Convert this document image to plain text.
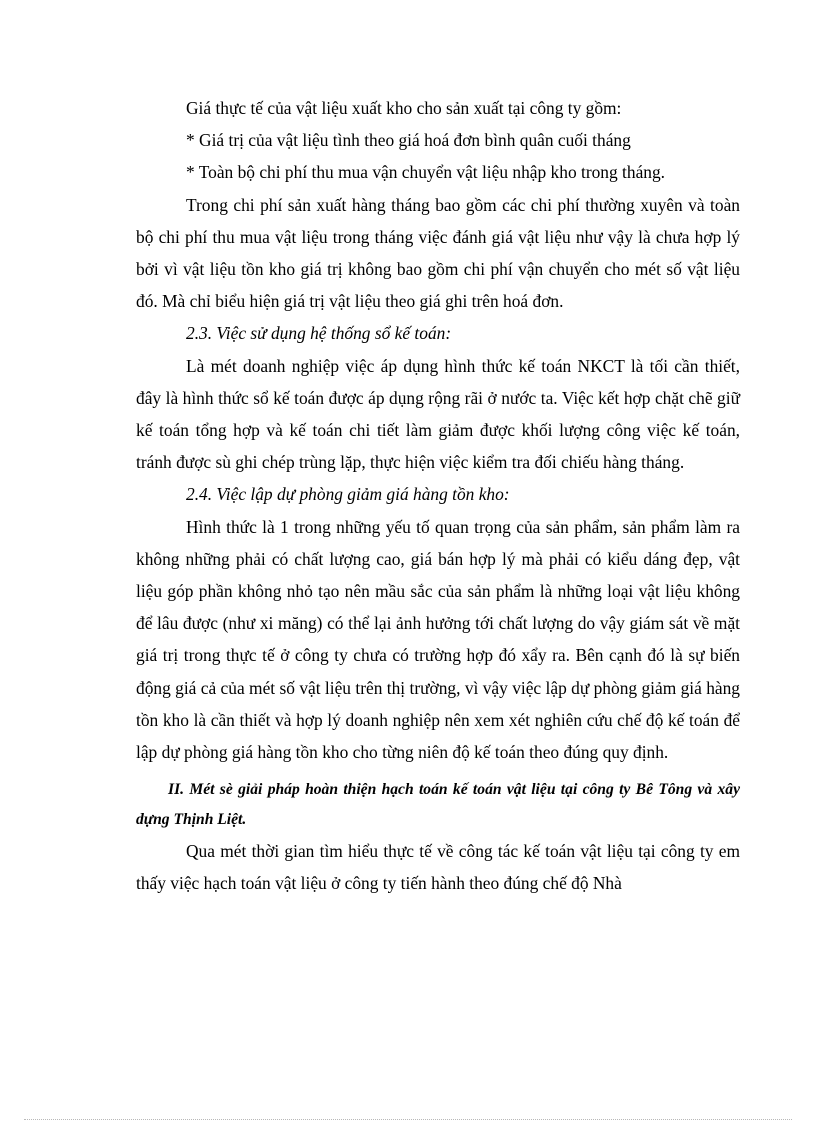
Giá thực tế của vật liệu xuất kho cho sản xuất tại công ty gồm:

* Giá trị của vật liệu tình theo giá hoá đơn bình quân cuối tháng

* Toàn bộ chi phí thu mua vận chuyển vật liệu nhập kho trong tháng.

Trong chi phí sản xuất hàng tháng bao gồm các chi phí thường xuyên và toàn bộ chi phí thu mua vật liệu trong tháng việc đánh giá vật liệu như vậy là chưa hợp lý bởi vì vật liệu tồn kho giá trị không bao gồm chi phí vận chuyển cho mét số vật liệu đó. Mà chỉ biểu hiện giá trị vật liệu theo giá ghi trên hoá đơn.

2.3. Việc sử dụng hệ thống sổ kế toán:

Là mét doanh nghiệp việc áp dụng hình thức kế toán NKCT là tối cần thiết, đây là hình thức sổ kế toán được áp dụng rộng rãi ở nước ta. Việc kết hợp chặt chẽ giữ kế toán tổng hợp và kế toán chi tiết làm giảm được khối lượng công việc kế toán, tránh được sù ghi chép trùng lặp, thực hiện việc kiểm tra đối chiếu hàng tháng.

2.4. Việc lập dự phòng giảm giá hàng tồn kho:

Hình thức là 1 trong những yếu tố quan trọng của sản phẩm, sản phẩm làm ra không những phải có chất lượng cao, giá bán hợp lý mà phải có kiểu dáng đẹp, vật liệu góp phần không nhỏ tạo nên mầu sắc của sản phẩm là những loại vật liệu không để lâu được (như xi măng) có thể lại ảnh hưởng tới chất lượng do vậy giám sát về mặt giá trị trong thực tế ở công ty chưa có trường hợp đó xẩy ra. Bên cạnh đó là sự biến động giá cả của mét số vật liệu trên thị trường, vì vậy việc lập dự phòng giảm giá hàng tồn kho là cần thiết và hợp lý doanh nghiệp nên xem xét nghiên cứu chế độ kế toán để lập dự phòng giá hàng tồn kho cho từng niên độ kế toán theo đúng quy định.

II. Mét sè giải pháp hoàn thiện hạch toán kế toán vật liệu tại công ty Bê Tông và xây dựng Thịnh Liệt.

Qua mét thời gian tìm hiểu thực tế về công tác kế toán vật liệu tại công ty em thấy việc hạch toán vật liệu ở công ty tiến hành theo đúng chế độ Nhà
